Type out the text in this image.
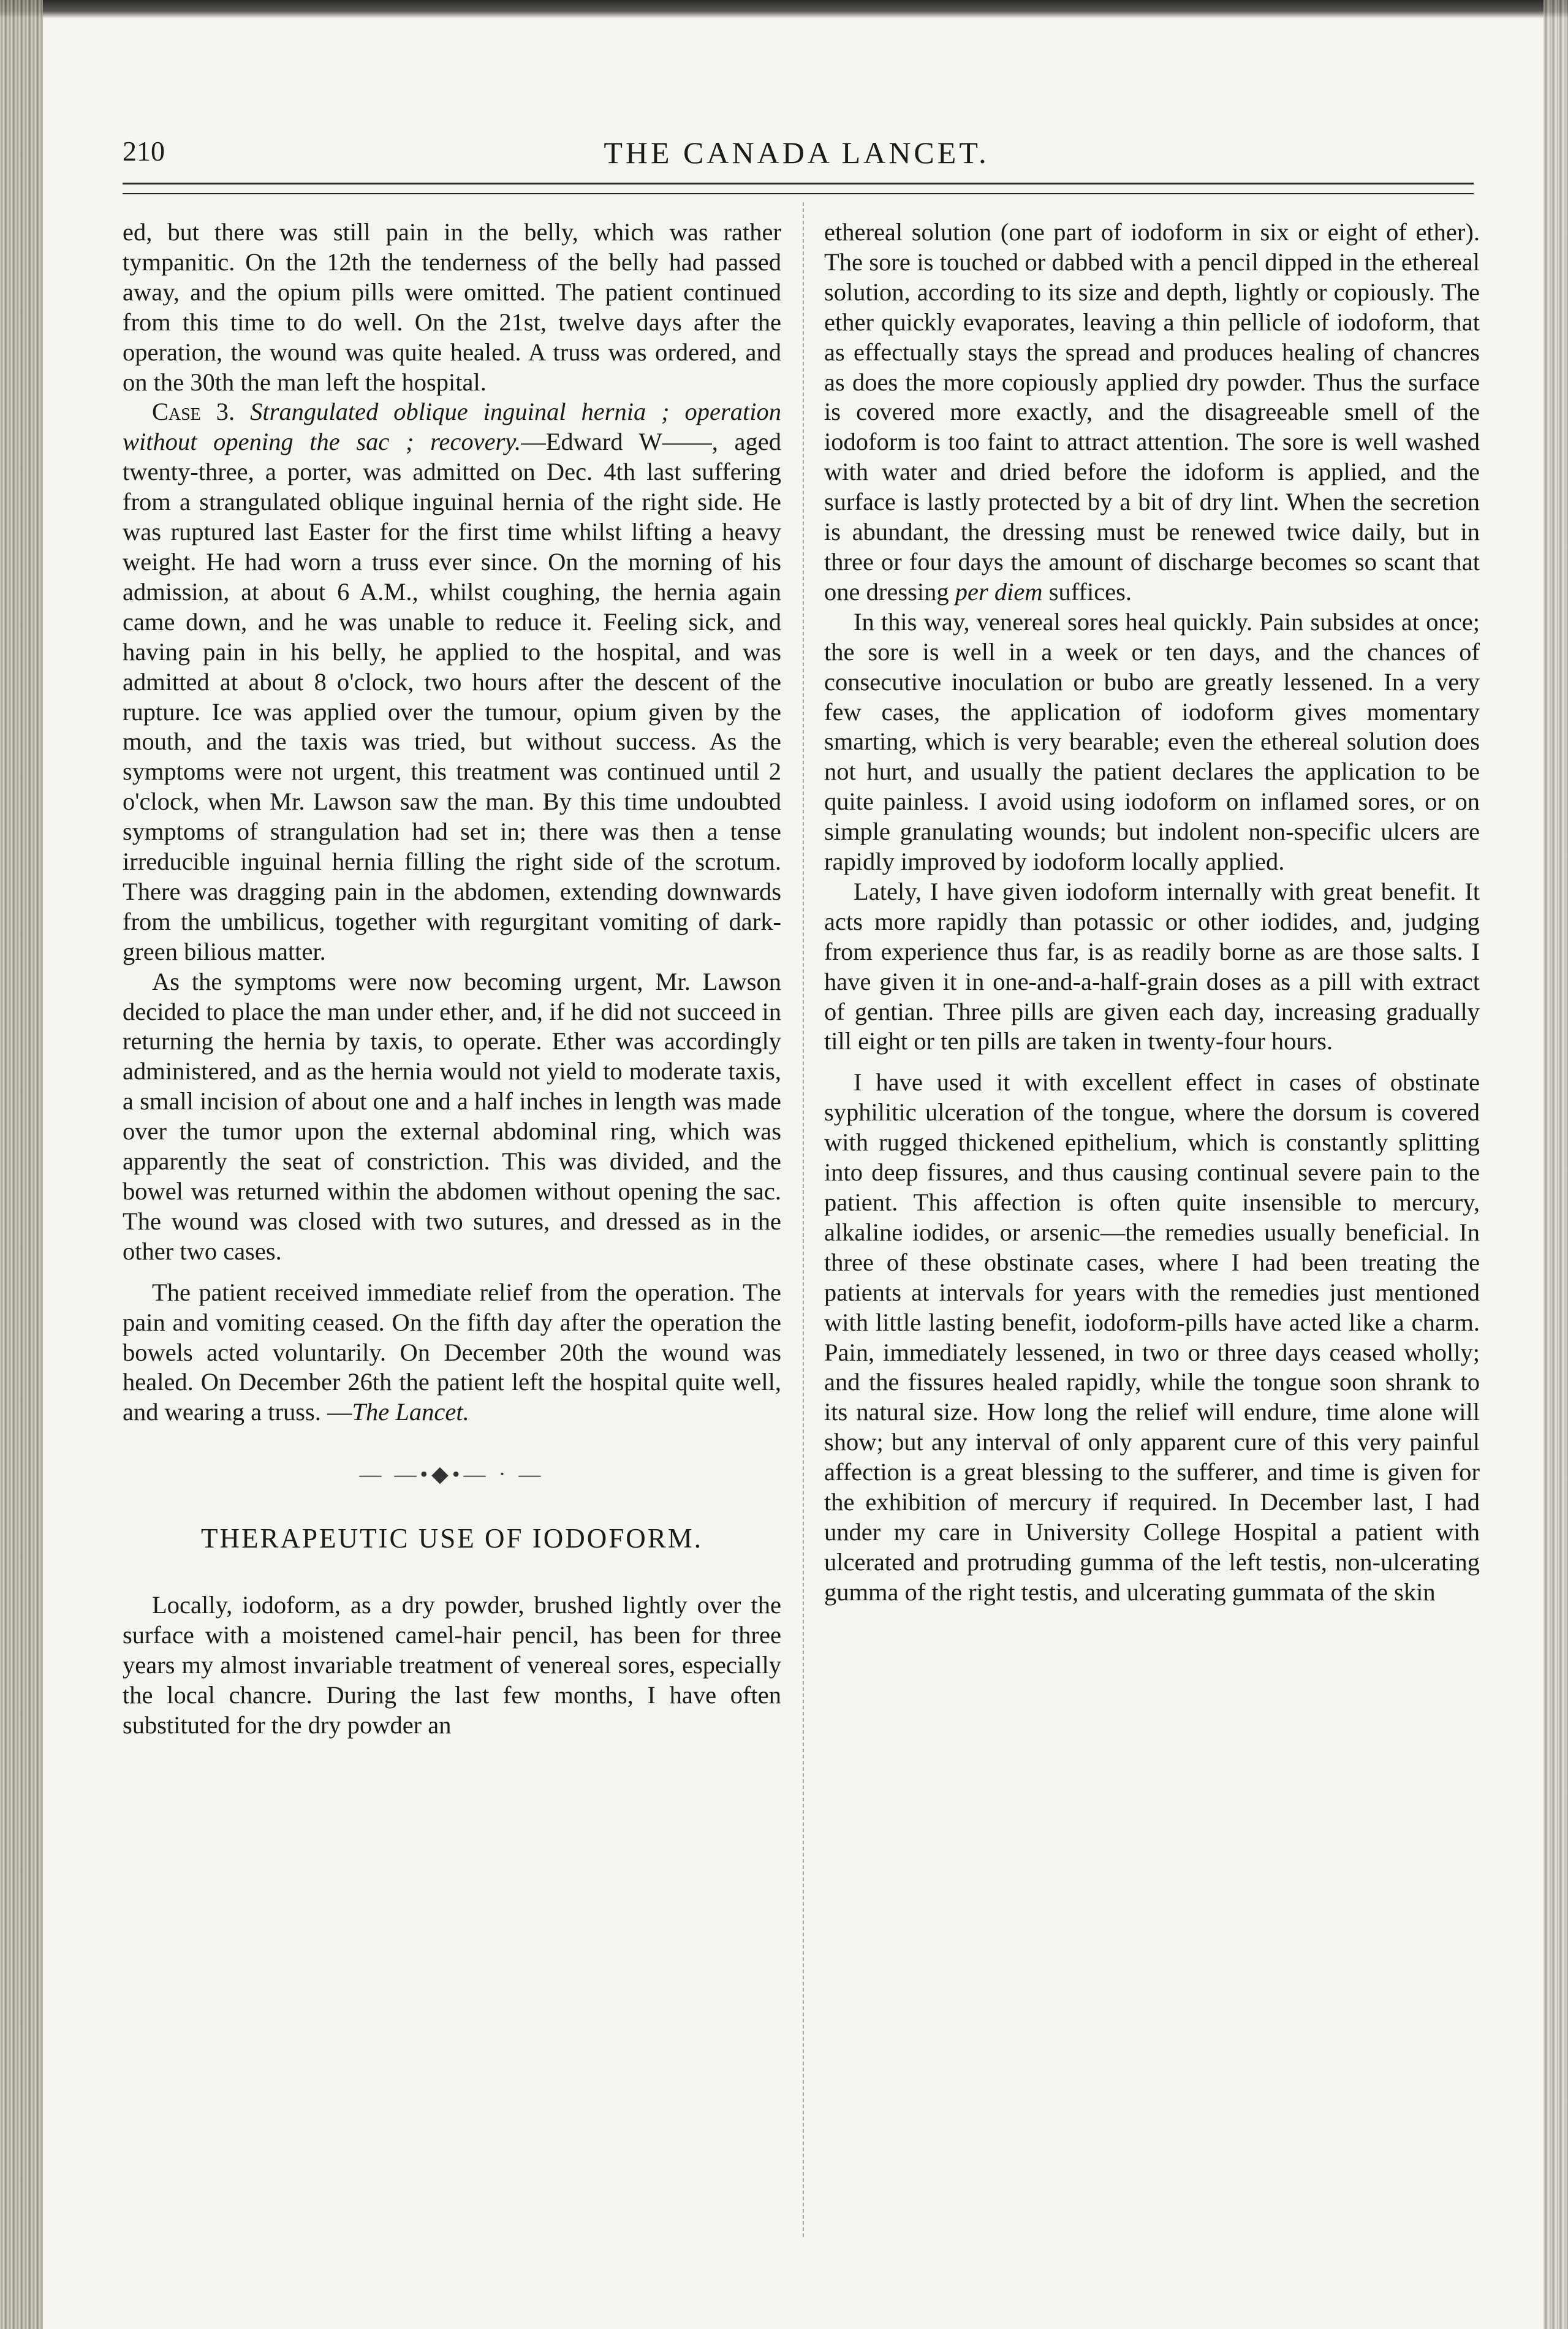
210	THE CANADA LANCET.

ed, but there was still pain in the belly, which was rather tympanitic. On the 12th the tenderness of the belly had passed away, and the opium pills were omitted. The patient continued from this time to do well. On the 21st, twelve days after the operation, the wound was quite healed. A truss was ordered, and on the 30th the man left the hospital.

Case 3. Strangulated oblique inguinal hernia ; operation without opening the sac ; recovery.—Edward W——, aged twenty-three, a porter, was admitted on Dec. 4th last suffering from a strangulated oblique inguinal hernia of the right side. He was ruptured last Easter for the first time whilst lifting a heavy weight. He had worn a truss ever since. On the morning of his admission, at about 6 A.M., whilst coughing, the hernia again came down, and he was unable to reduce it. Feeling sick, and having pain in his belly, he applied to the hospital, and was admitted at about 8 o'clock, two hours after the descent of the rupture. Ice was applied over the tumour, opium given by the mouth, and the taxis was tried, but without success. As the symptoms were not urgent, this treatment was continued until 2 o'clock, when Mr. Lawson saw the man. By this time undoubted symptoms of strangulation had set in; there was then a tense irreducible inguinal hernia filling the right side of the scrotum. There was dragging pain in the abdomen, extending downwards from the umbilicus, together with regurgitant vomiting of dark-green bilious matter.

As the symptoms were now becoming urgent, Mr. Lawson decided to place the man under ether, and, if he did not succeed in returning the hernia by taxis, to operate. Ether was accordingly administered, and as the hernia would not yield to moderate taxis, a small incision of about one and a half inches in length was made over the tumor upon the external abdominal ring, which was apparently the seat of constriction. This was divided, and the bowel was returned within the abdomen without opening the sac. The wound was closed with two sutures, and dressed as in the other two cases.

The patient received immediate relief from the operation. The pain and vomiting ceased. On the fifth day after the operation the bowels acted voluntarily. On December 20th the wound was healed. On December 26th the patient left the hospital quite well, and wearing a truss. —The Lancet.

— —•◆•— · —
THERAPEUTIC USE OF IODOFORM.

Locally, iodoform, as a dry powder, brushed lightly over the surface with a moistened camel-hair pencil, has been for three years my almost invariable treatment of venereal sores, especially the local chancre. During the last few months, I have often substituted for the dry powder an

ethereal solution (one part of iodoform in six or eight of ether). The sore is touched or dabbed with a pencil dipped in the ethereal solution, according to its size and depth, lightly or copiously. The ether quickly evaporates, leaving a thin pellicle of iodoform, that as effectually stays the spread and produces healing of chancres as does the more copiously applied dry powder. Thus the surface is covered more exactly, and the disagreeable smell of the iodoform is too faint to attract attention. The sore is well washed with water and dried before the idoform is applied, and the surface is lastly protected by a bit of dry lint. When the secretion is abundant, the dressing must be renewed twice daily, but in three or four days the amount of discharge becomes so scant that one dressing per diem suffices.

In this way, venereal sores heal quickly. Pain subsides at once; the sore is well in a week or ten days, and the chances of consecutive inoculation or bubo are greatly lessened. In a very few cases, the application of iodoform gives momentary smarting, which is very bearable; even the ethereal solution does not hurt, and usually the patient declares the application to be quite painless. I avoid using iodoform on inflamed sores, or on simple granulating wounds; but indolent non-specific ulcers are rapidly improved by iodoform locally applied.

Lately, I have given iodoform internally with great benefit. It acts more rapidly than potassic or other iodides, and, judging from experience thus far, is as readily borne as are those salts. I have given it in one-and-a-half-grain doses as a pill with extract of gentian. Three pills are given each day, increasing gradually till eight or ten pills are taken in twenty-four hours.

I have used it with excellent effect in cases of obstinate syphilitic ulceration of the tongue, where the dorsum is covered with rugged thickened epithelium, which is constantly splitting into deep fissures, and thus causing continual severe pain to the patient. This affection is often quite insensible to mercury, alkaline iodides, or arsenic—the remedies usually beneficial. In three of these obstinate cases, where I had been treating the patients at intervals for years with the remedies just mentioned with little lasting benefit, iodoform-pills have acted like a charm. Pain, immediately lessened, in two or three days ceased wholly; and the fissures healed rapidly, while the tongue soon shrank to its natural size. How long the relief will endure, time alone will show; but any interval of only apparent cure of this very painful affection is a great blessing to the sufferer, and time is given for the exhibition of mercury if required. In December last, I had under my care in University College Hospital a patient with ulcerated and protruding gumma of the left testis, non-ulcerating gumma of the right testis, and ulcerating gummata of the skin
